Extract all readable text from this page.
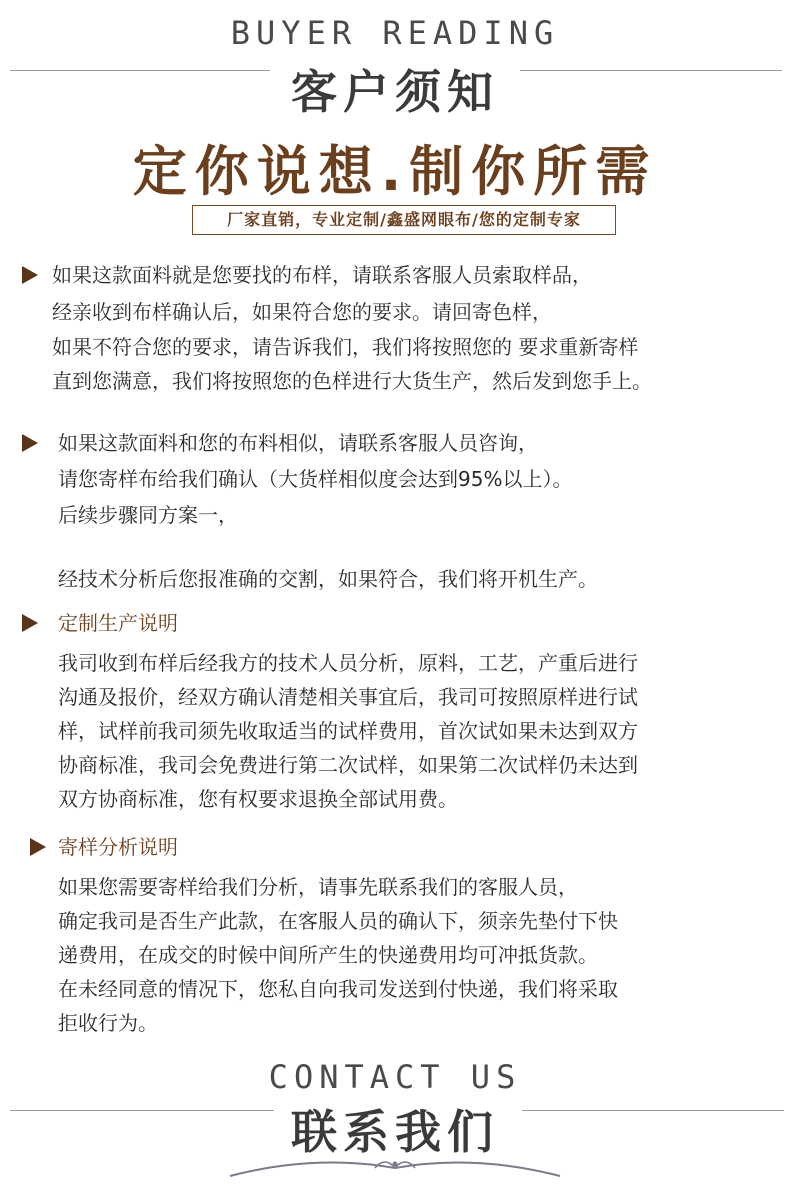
BUYER READING
客户须知
定你说想.制你所需
厂家直销，专业定制/鑫盛网眼布/您的定制专家
如果这款面料就是您要找的布样，请联系客服人员索取样品，
经亲收到布样确认后，如果符合您的要求。请回寄色样，
如果不符合您的要求，请告诉我们，我们将按照您的 要求重新寄样
直到您满意，我们将按照您的色样进行大货生产，然后发到您手上。
如果这款面料和您的布料相似，请联系客服人员咨询，
请您寄样布给我们确认（大货样相似度会达到95%以上）。
后续步骤同方案一，
经技术分析后您报准确的交割，如果符合，我们将开机生产。
定制生产说明
我司收到布样后经我方的技术人员分析，原料，工艺，产重后进行
沟通及报价，经双方确认清楚相关事宜后，我司可按照原样进行试
样，试样前我司须先收取适当的试样费用，首次试如果未达到双方
协商标准，我司会免费进行第二次试样，如果第二次试样仍未达到
双方协商标准，您有权要求退换全部试用费。
寄样分析说明
如果您需要寄样给我们分析，请事先联系我们的客服人员，
确定我司是否生产此款，在客服人员的确认下，须亲先垫付下快
递费用，在成交的时候中间所产生的快递费用均可冲抵货款。
在未经同意的情况下，您私自向我司发送到付快递，我们将采取
拒收行为。
CONTACT US
联系我们
